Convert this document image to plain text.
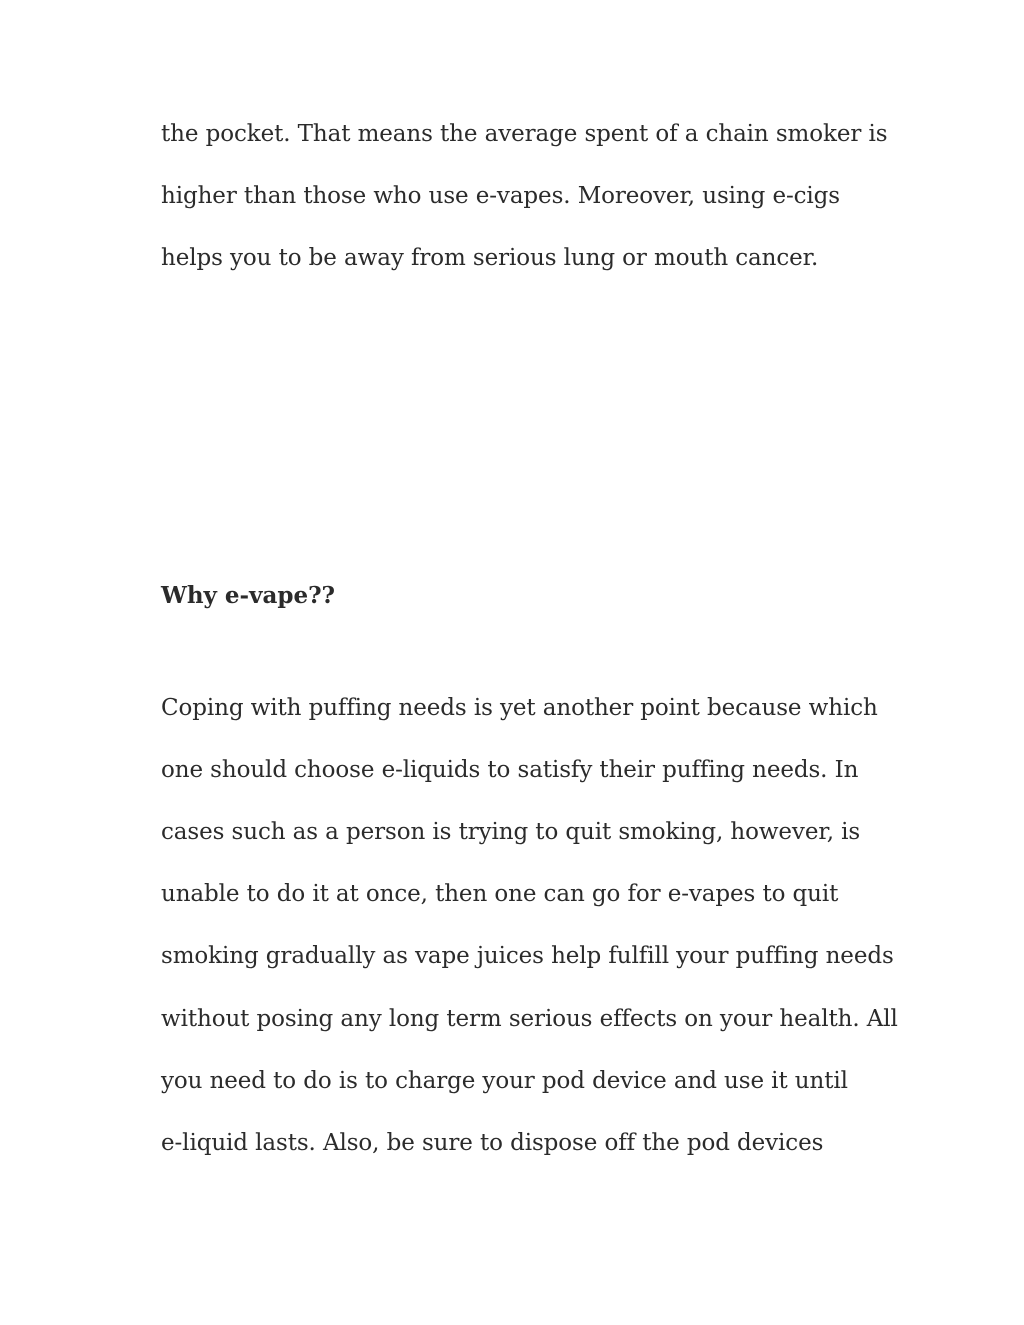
the pocket. That means the average spent of a chain smoker is
higher than those who use e-vapes. Moreover, using e-cigs
helps you to be away from serious lung or mouth cancer.
Why e-vape??
Coping with puffing needs is yet another point because which
one should choose e-liquids to satisfy their puffing needs. In
cases such as a person is trying to quit smoking, however, is
unable to do it at once, then one can go for e-vapes to quit
smoking gradually as vape juices help fulfill your puffing needs
without posing any long term serious effects on your health. All
you need to do is to charge your pod device and use it until
e-liquid lasts. Also, be sure to dispose off the pod devices
